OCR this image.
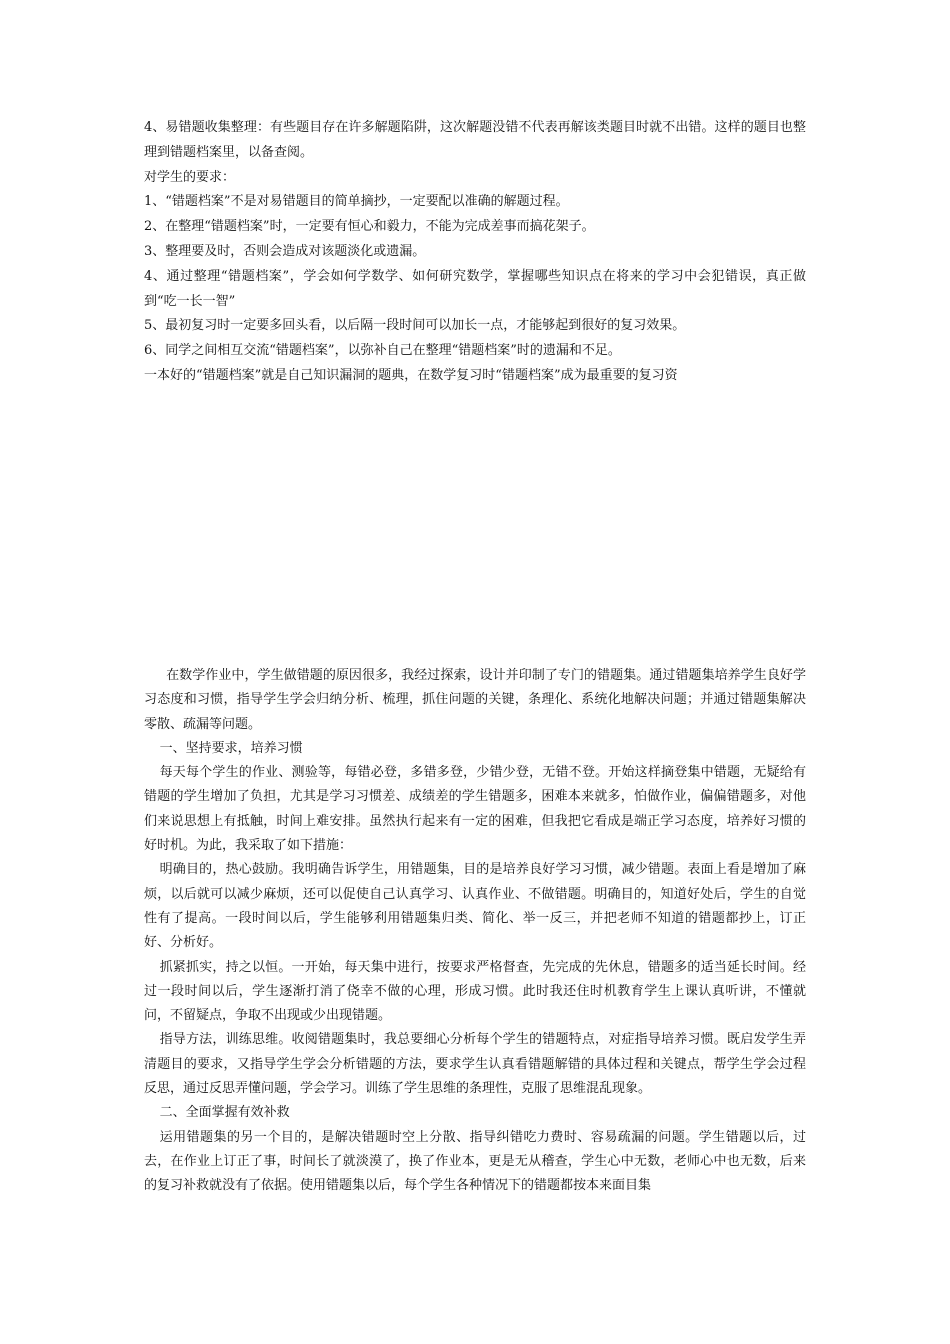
4、易错题收集整理：有些题目存在许多解题陷阱，这次解题没错不代表再解该类题目时就不出错。这样的题目也整理到错题档案里，以备查阅。

对学生的要求：

1、“错题档案”不是对易错题目的简单摘抄，一定要配以准确的解题过程。

2、在整理“错题档案”时，一定要有恒心和毅力，不能为完成差事而搞花架子。

3、整理要及时，否则会造成对该题淡化或遗漏。

4、通过整理“错题档案”，学会如何学数学、如何研究数学，掌握哪些知识点在将来的学习中会犯错误，真正做到“吃一长一智”

5、最初复习时一定要多回头看，以后隔一段时间可以加长一点，才能够起到很好的复习效果。

6、同学之间相互交流“错题档案”，以弥补自己在整理“错题档案”时的遗漏和不足。

一本好的“错题档案”就是自己知识漏洞的题典，在数学复习时“错题档案”成为最重要的复习资

在数学作业中，学生做错题的原因很多，我经过探索，设计并印制了专门的错题集。通过错题集培养学生良好学习态度和习惯，指导学生学会归纳分析、梳理，抓住问题的关键，条理化、系统化地解决问题；并通过错题集解决零散、疏漏等问题。

一、坚持要求，培养习惯

每天每个学生的作业、测验等，每错必登，多错多登，少错少登，无错不登。开始这样摘登集中错题，无疑给有错题的学生增加了负担，尤其是学习习惯差、成绩差的学生错题多，困难本来就多，怕做作业，偏偏错题多，对他们来说思想上有抵触，时间上难安排。虽然执行起来有一定的困难，但我把它看成是端正学习态度，培养好习惯的好时机。为此，我采取了如下措施：

明确目的，热心鼓励。我明确告诉学生，用错题集，目的是培养良好学习习惯，减少错题。表面上看是增加了麻烦，以后就可以减少麻烦，还可以促使自己认真学习、认真作业、不做错题。明确目的，知道好处后，学生的自觉性有了提高。一段时间以后，学生能够利用错题集归类、简化、举一反三，并把老师不知道的错题都抄上，订正好、分析好。

抓紧抓实，持之以恒。一开始，每天集中进行，按要求严格督查，先完成的先休息，错题多的适当延长时间。经过一段时间以后，学生逐渐打消了侥幸不做的心理，形成习惯。此时我还住时机教育学生上课认真听讲，不懂就问，不留疑点，争取不出现或少出现错题。

指导方法，训练思维。收阅错题集时，我总要细心分析每个学生的错题特点，对症指导培养习惯。既启发学生弄清题目的要求，又指导学生学会分析错题的方法，要求学生认真看错题解错的具体过程和关键点，帮学生学会过程反思，通过反思弄懂问题，学会学习。训练了学生思维的条理性，克服了思维混乱现象。

二、全面掌握有效补救

运用错题集的另一个目的，是解决错题时空上分散、指导纠错吃力费时、容易疏漏的问题。学生错题以后，过去，在作业上订正了事，时间长了就淡漠了，换了作业本，更是无从稽查，学生心中无数，老师心中也无数，后来的复习补救就没有了依据。使用错题集以后，每个学生各种情况下的错题都按本来面目集
